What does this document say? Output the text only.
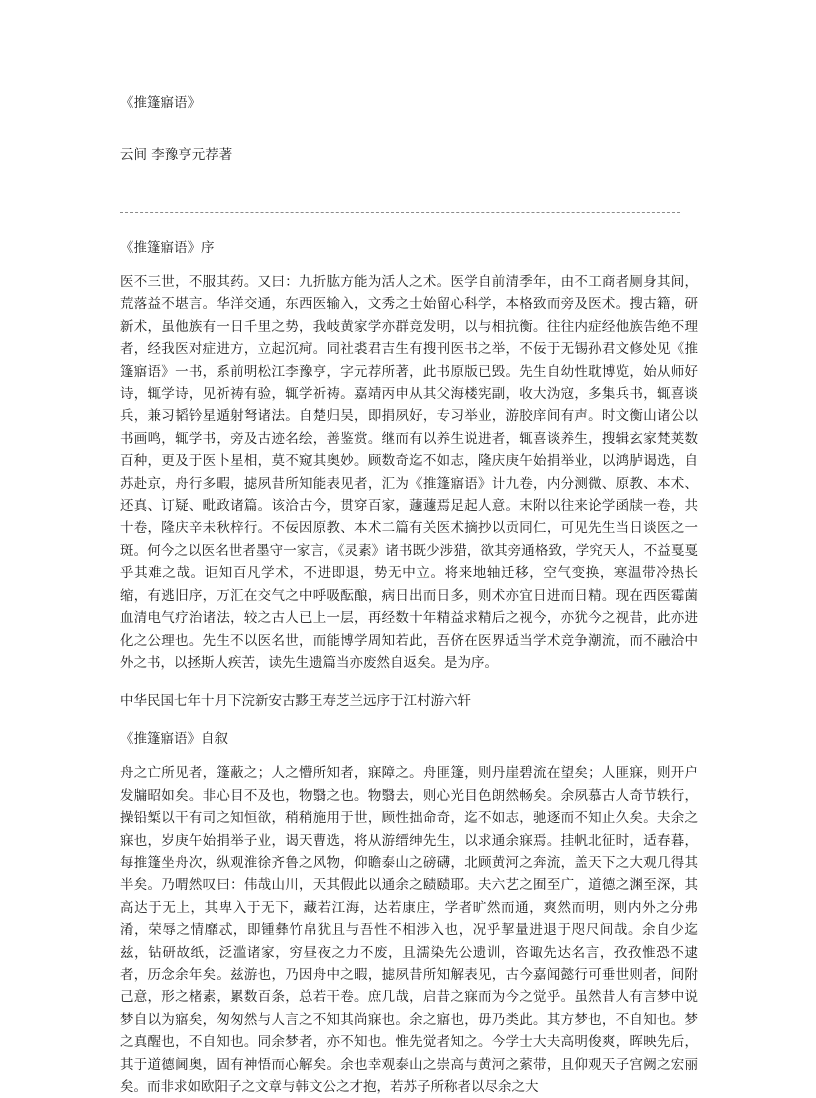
《推篷寤语》

云间 李豫亨元荐著

《推篷寤语》序

医不三世，不服其药。又曰：九折肱方能为活人之术。医学自前清季年，由不工商者厕身其间，荒落益不堪言。华洋交通，东西医输入，文秀之士始留心科学，本格致而旁及医术。搜古籍，研新术，虽他族有一日千里之势，我岐黄家学亦群竞发明，以与相抗衡。往往内症经他族告绝不理者，经我医对症进方，立起沉疴。同社裘君吉生有搜刊医书之举，不佞于无锡孙君文修处见《推篷寤语》一书，系前明松江李豫亨，字元荐所著，此书原版已毁。先生自幼性耽博览，始从师好诗，辄学诗，见祈祷有验，辄学祈祷。嘉靖丙申从其父海楼宪副，收大沩寇，多集兵书，辄喜谈兵，兼习韬钤星遁射弩诸法。自楚归吴，即捐夙好，专习举业，游胶庠间有声。时文衡山诸公以书画鸣，辄学书，旁及古迹名绘，善鉴赏。继而有以养生说进者，辄喜谈养生，搜辑玄家梵荚数百种，更及于医卜星相，莫不窥其奥妙。顾数奇迄不如志，隆庆庚午始捐举业，以鸿胪谒选，自苏赴京，舟行多暇，摅夙昔所知能表见者，汇为《推篷寤语》计九卷，内分测微、原教、本术、还真、订疑、毗政诸篇。该洽古今，贯穿百家，蘧蘧焉足起人意。末附以往来论学函牍一卷，共十卷，隆庆辛未秋梓行。不佞因原教、本术二篇有关医术摘抄以贡同仁，可见先生当日谈医之一斑。何今之以医名世者墨守一家言，《灵素》诸书既少涉猎，欲其旁通格致，学究天人，不益戛戛乎其难之哉。讵知百凡学术，不进即退，势无中立。将来地轴迁移，空气变换，寒温带冷热长缩，有逃旧序，万汇在交气之中呼吸酝酿，病日出而日多，则术亦宜日进而日精。现在西医霉菌血清电气疗治诸法，较之古人已上一层，再经数十年精益求精后之视今，亦犹今之视昔，此亦进化之公理也。先生不以医名世，而能博学周知若此，吾侪在医界适当学术竞争潮流，而不融洽中外之书，以拯斯人疾苦，读先生遗篇当亦废然自返矣。是为序。

中华民国七年十月下浣新安古黟王寿芝兰远序于江村游六轩

《推篷寤语》自叙

舟之亡所见者，篷蔽之；人之懵所知者，寐障之。舟匪篷，则丹崖碧流在望矣；人匪寐，则开户发牖昭如矣。非心目不及也，物翳之也。物翳去，则心光目色朗然畅矣。余夙慕古人奇节轶行，操铅椠以干有司之知恒欲，稍稍施用于世，顾性拙命奇，迄不如志，驰逐而不知止久矣。夫余之寐也，岁庚午始捐举子业，谒天曹选，将从游缙绅先生，以求通余寐焉。挂帆北征时，适春暮，每推篷坐舟次，纵观淮徐齐鲁之风物，仰瞻泰山之磅礴，北顾黄河之奔流，盖天下之大观几得其半矣。乃喟然叹曰：伟哉山川，天其假此以通余之赜赜耶。夫六艺之囿至广，道德之渊至深，其高达于无上，其卑入于无下，藏若江海，达若康庄，学者旷然而通，爽然而明，则内外之分弗淆，荣辱之情靡忒，即锺彝竹帛犹且与吾性不相涉入也，况乎挈量进退于咫尺间哉。余自少迄兹，钻研故纸，泛滥诸家，穷昼夜之力不废，且濡染先公遗训，咨诹先达名言，孜孜惟恐不逮者，历念余年矣。兹游也，乃因舟中之暇，摅夙昔所知解表见，古今嘉闻懿行可垂世则者，间附己意，形之楮素，累数百条，总若干卷。庶几哉，启昔之寐而为今之觉乎。虽然昔人有言梦中说梦自以为寤矣，匆匆然与人言之不知其尚寐也。余之寤也，毋乃类此。其方梦也，不自知也。梦之真醒也，不自知也。同余梦者，亦不知也。惟先觉者知之。今学士大夫高明俊爽，晖映先后，其于道德阃奥，固有神悟而心解矣。余也幸观泰山之崇高与黄河之萦带，且仰观天子宫阙之宏丽矣。而非求如欧阳子之文章与韩文公之才抱，若苏子所称者以尽余之大
